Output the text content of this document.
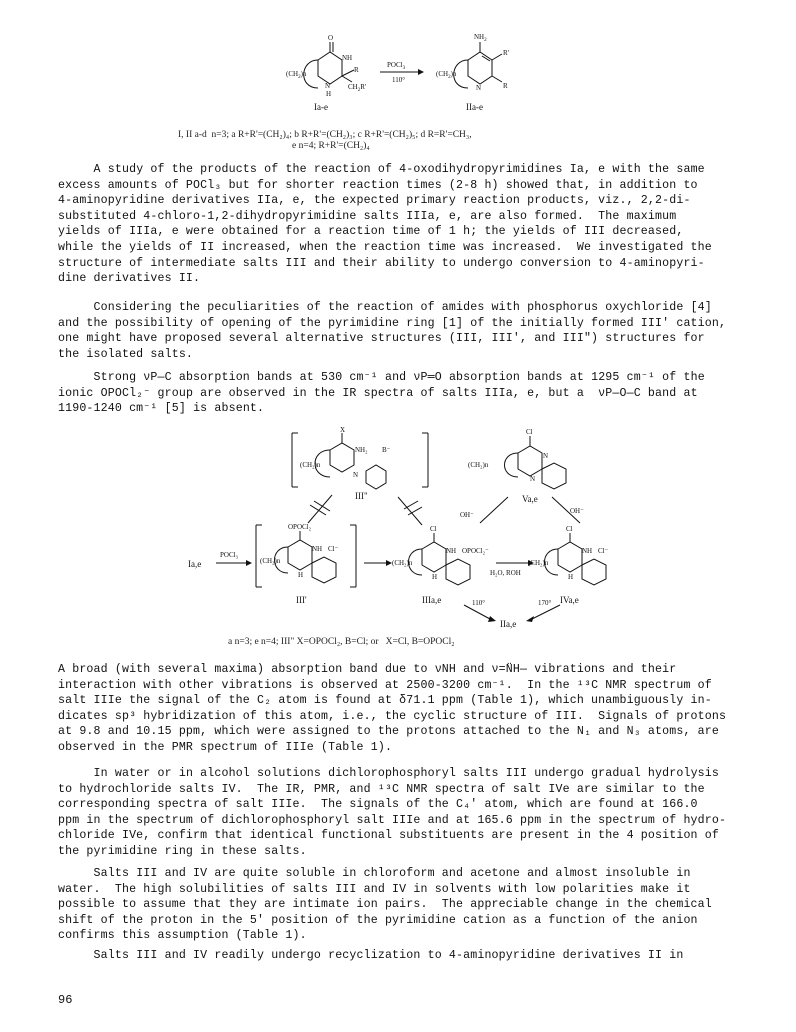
O
NH
R
$CH_2R'$
N
H
$(CH_2)n$
Ia-e
POCl$_3$
110°
$NH_2$
R'
R
N
$(CH_2)n$
IIa-e
I, II a-d  n=3; a R+R'=(CH₂)₄; b R+R'=(CH₂)₃; c R+R'=(CH₂)₅; d R=R'=CH₃,
e n=4; R+R'=(CH₂)₄

A study of the products of the reaction of 4-oxodihydropyrimidines Ia, e with the same
excess amounts of POCl₃ but for shorter reaction times (2-8 h) showed that, in addition to
4-aminopyridine derivatives IIa, e, the expected primary reaction products, viz., 2,2-di-
substituted 4-chloro-1,2-dihydropyrimidine salts IIIa, e, are also formed.  The maximum
yields of IIIa, e were obtained for a reaction time of 1 h; the yields of III decreased,
while the yields of II increased, when the reaction time was increased.  We investigated the
structure of intermediate salts III and their ability to undergo conversion to 4-aminopyri-
dine derivatives II.

Considering the peculiarities of the reaction of amides with phosphorus oxychloride [4]
and the possibility of opening of the pyrimidine ring [1] of the initially formed III' cation,
one might have proposed several alternative structures (III, III', and III") structures for
the isolated salts.

Strong νP—C absorption bands at 530 cm⁻¹ and νP═O absorption bands at 1295 cm⁻¹ of the
ionic OPOCl₂⁻ group are observed in the IR spectra of salts IIIa, e, but a  νP—O—C band at
1190-1240 cm⁻¹ [5] is absent.

X
NH₂ B⁻
N
(CH₂)n
III"
Cl
N
N
(CH₂)n
Va,e
OH⁻	OH⁻
Ia,e
POCl₃
OPOCl₂
NH Cl⁻
H
(CH₂)n
III'
Cl
NH OPOCl₂⁻
H
(CH₂)n
IIIa,e
H₂O, ROH
Cl
NH Cl⁻
H
(CH₂)n
IVa,e
110°	170°
IIa,e
a n=3; e n=4; III" X=OPOCl₂, B=Cl; or   X=Cl, B=OPOCl₂

A broad (with several maxima) absorption band due to νNH and ν=N̈H— vibrations and their
interaction with other vibrations is observed at 2500-3200 cm⁻¹.  In the ¹³C NMR spectrum of
salt IIIe the signal of the C₂ atom is found at δ71.1 ppm (Table 1), which unambiguously in-
dicates sp³ hybridization of this atom, i.e., the cyclic structure of III.  Signals of protons
at 9.8 and 10.15 ppm, which were assigned to the protons attached to the N₁ and N₃ atoms, are
observed in the PMR spectrum of IIIe (Table 1).

In water or in alcohol solutions dichlorophosphoryl salts III undergo gradual hydrolysis
to hydrochloride salts IV.  The IR, PMR, and ¹³C NMR spectra of salt IVe are similar to the
corresponding spectra of salt IIIe.  The signals of the C₄' atom, which are found at 166.0
ppm in the spectrum of dichlorophosphoryl salt IIIe and at 165.6 ppm in the spectrum of hydro-
chloride IVe, confirm that identical functional substituents are present in the 4 position of
the pyrimidine ring in these salts.

Salts III and IV are quite soluble in chloroform and acetone and almost insoluble in
water.  The high solubilities of salts III and IV in solvents with low polarities make it
possible to assume that they are intimate ion pairs.  The appreciable change in the chemical
shift of the proton in the 5' position of the pyrimidine cation as a function of the anion
confirms this assumption (Table 1).

Salts III and IV readily undergo recyclization to 4-aminopyridine derivatives II in

96
